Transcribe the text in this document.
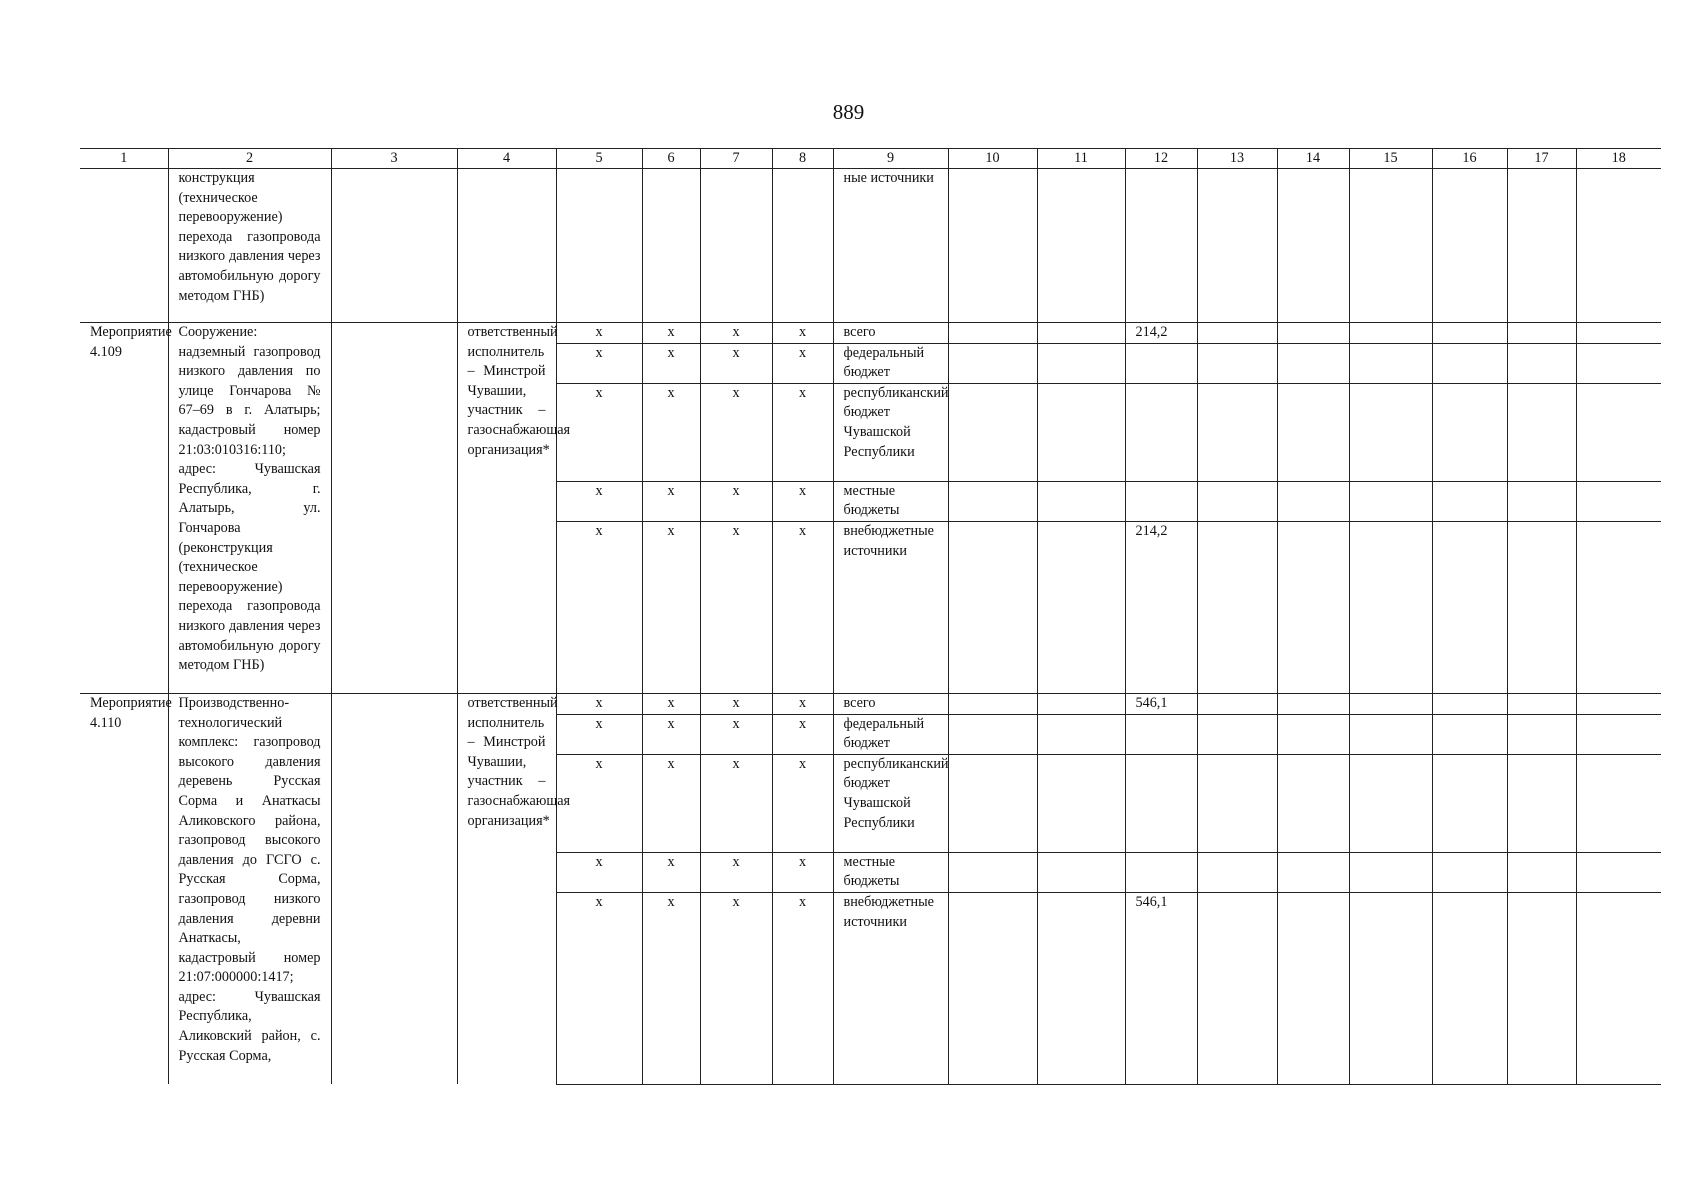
889
1	2	3	4	5	6	7	8	9	10	11	12	13	14	15	16	17	18
	конструкция (техническое перевооружение) перехода газопровода низкого давления через автомобильную дорогу методом ГНБ)							ные источники									
Мероприятие 4.109	Сооружение: надземный газопровод низкого давления по улице Гончарова № 67–69 в г. Алатырь; кадастровый номер 21:03:010316:110; адрес: Чувашская Республика, г. Алатырь, ул. Гончарова (реконструкция (техническое перевооружение) перехода газопровода низкого давления через автомобильную дорогу методом ГНБ)		ответственный исполнитель – Минстрой Чувашии, участник – газоснабжающая организация*	х	х	х	х	всего			214,2						
				х	х	х	х	федеральный бюджет									
				х	х	х	х	республиканский бюджет Чувашской Республики									
				х	х	х	х	местные бюджеты									
				х	х	х	х	внебюджетные источники			214,2						
Мероприятие 4.110	Производственно-технологический комплекс: газопровод высокого давления деревень Русская Сорма и Анаткасы Аликовского района, газопровод высокого давления до ГСГО с. Русская Сорма, газопровод низкого давления деревни Анаткасы, кадастровый номер 21:07:000000:1417; адрес: Чувашская Республика, Аликовский район, с. Русская Сорма,		ответственный исполнитель – Минстрой Чувашии, участник – газоснабжающая организация*	х	х	х	х	всего			546,1						
				х	х	х	х	федеральный бюджет									
				х	х	х	х	республиканский бюджет Чувашской Республики									
				х	х	х	х	местные бюджеты									
				х	х	х	х	внебюджетные источники			546,1						
